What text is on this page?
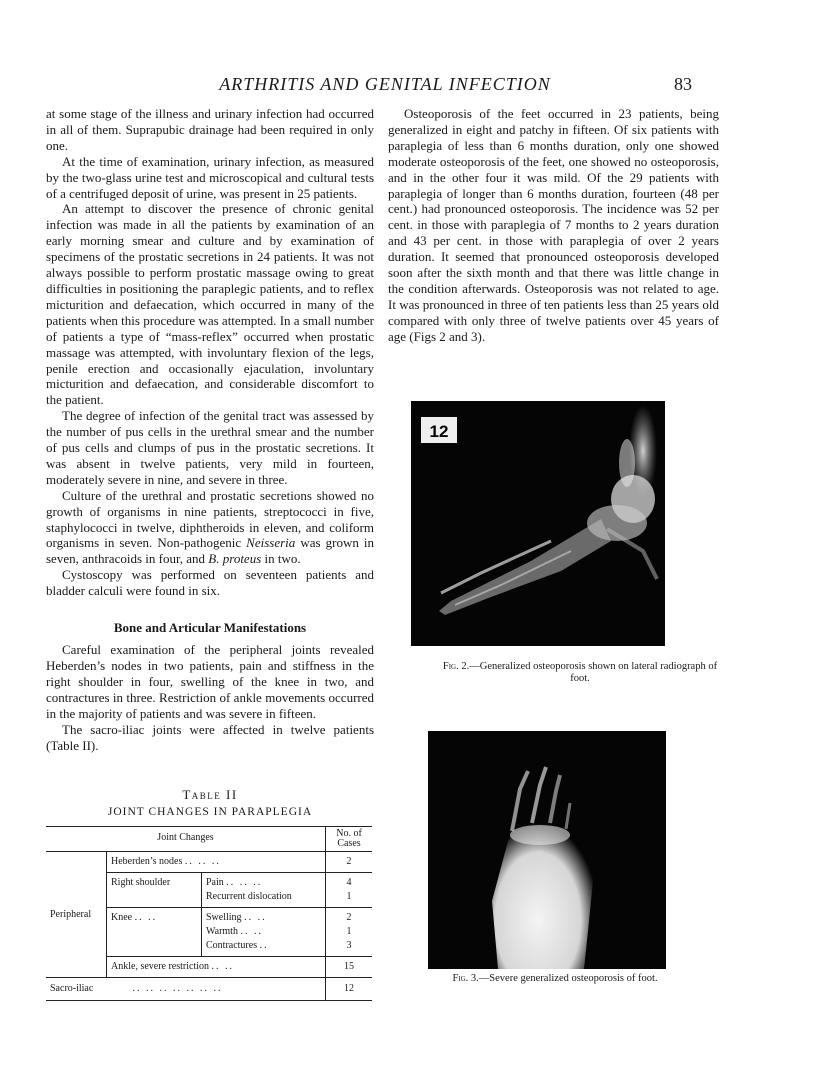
ARTHRITIS AND GENITAL INFECTION	83

at some stage of the illness and urinary infection had occurred in all of them. Suprapubic drainage had been required in only one.

At the time of examination, urinary infection, as measured by the two-glass urine test and microscopical and cultural tests of a centrifuged deposit of urine, was present in 25 patients.

An attempt to discover the presence of chronic genital infection was made in all the patients by examination of an early morning smear and culture and by examination of specimens of the prostatic secretions in 24 patients. It was not always possible to perform prostatic massage owing to great difficulties in positioning the paraplegic patients, and to reflex micturition and defaecation, which occurred in many of the patients when this procedure was attempted. In a small number of patients a type of “mass-reflex” occurred when prostatic massage was attempted, with involuntary flexion of the legs, penile erection and occasionally ejaculation, involuntary micturition and defaecation, and considerable discomfort to the patient.

The degree of infection of the genital tract was assessed by the number of pus cells in the urethral smear and the number of pus cells and clumps of pus in the prostatic secretions. It was absent in twelve patients, very mild in fourteen, moderately severe in nine, and severe in three.

Culture of the urethral and prostatic secretions showed no growth of organisms in nine patients, streptococci in five, staphylococci in twelve, diphtheroids in eleven, and coliform organisms in seven. Non-pathogenic Neisseria was grown in seven, anthracoids in four, and B. proteus in two.

Cystoscopy was performed on seventeen patients and bladder calculi were found in six.

Bone and Articular Manifestations

Careful examination of the peripheral joints revealed Heberden’s nodes in two patients, pain and stiffness in the right shoulder in four, swelling of the knee in two, and contractures in three. Restriction of ankle movements occurred in the majority of patients and was severe in fifteen.

The sacro-iliac joints were affected in twelve patients (Table II).

Table II
JOINT CHANGES IN PARAPLEGIA
Joint Changes			No. of Cases
Peripheral	Heberden’s nodes .. .. ..		2
	Right shoulder	Pain .. .. ..	4
		Recurrent dislocation	1
	Knee .. ..	Swelling .. ..	2
		Warmth .. ..	1
		Contractures ..	3
	Ankle, severe restriction .. ..		15
Sacro-iliac	.. .. .. .. .. .. ..		12

Osteoporosis of the feet occurred in 23 patients, being generalized in eight and patchy in fifteen. Of six patients with paraplegia of less than 6 months duration, only one showed moderate osteoporosis of the feet, one showed no osteoporosis, and in the other four it was mild. Of the 29 patients with paraplegia of longer than 6 months duration, fourteen (48 per cent.) had pronounced osteoporosis. The incidence was 52 per cent. in those with paraplegia of 7 months to 2 years duration and 43 per cent. in those with paraplegia of over 2 years duration. It seemed that pronounced osteoporosis developed soon after the sixth month and that there was little change in the condition afterwards. Osteoporosis was not related to age. It was pronounced in three of ten patients less than 25 years old compared with only three of twelve patients over 45 years of age (Figs 2 and 3).

12
Fig. 2.—Generalized osteoporosis shown on lateral radiograph of foot.
Fig. 3.—Severe generalized osteoporosis of foot.
